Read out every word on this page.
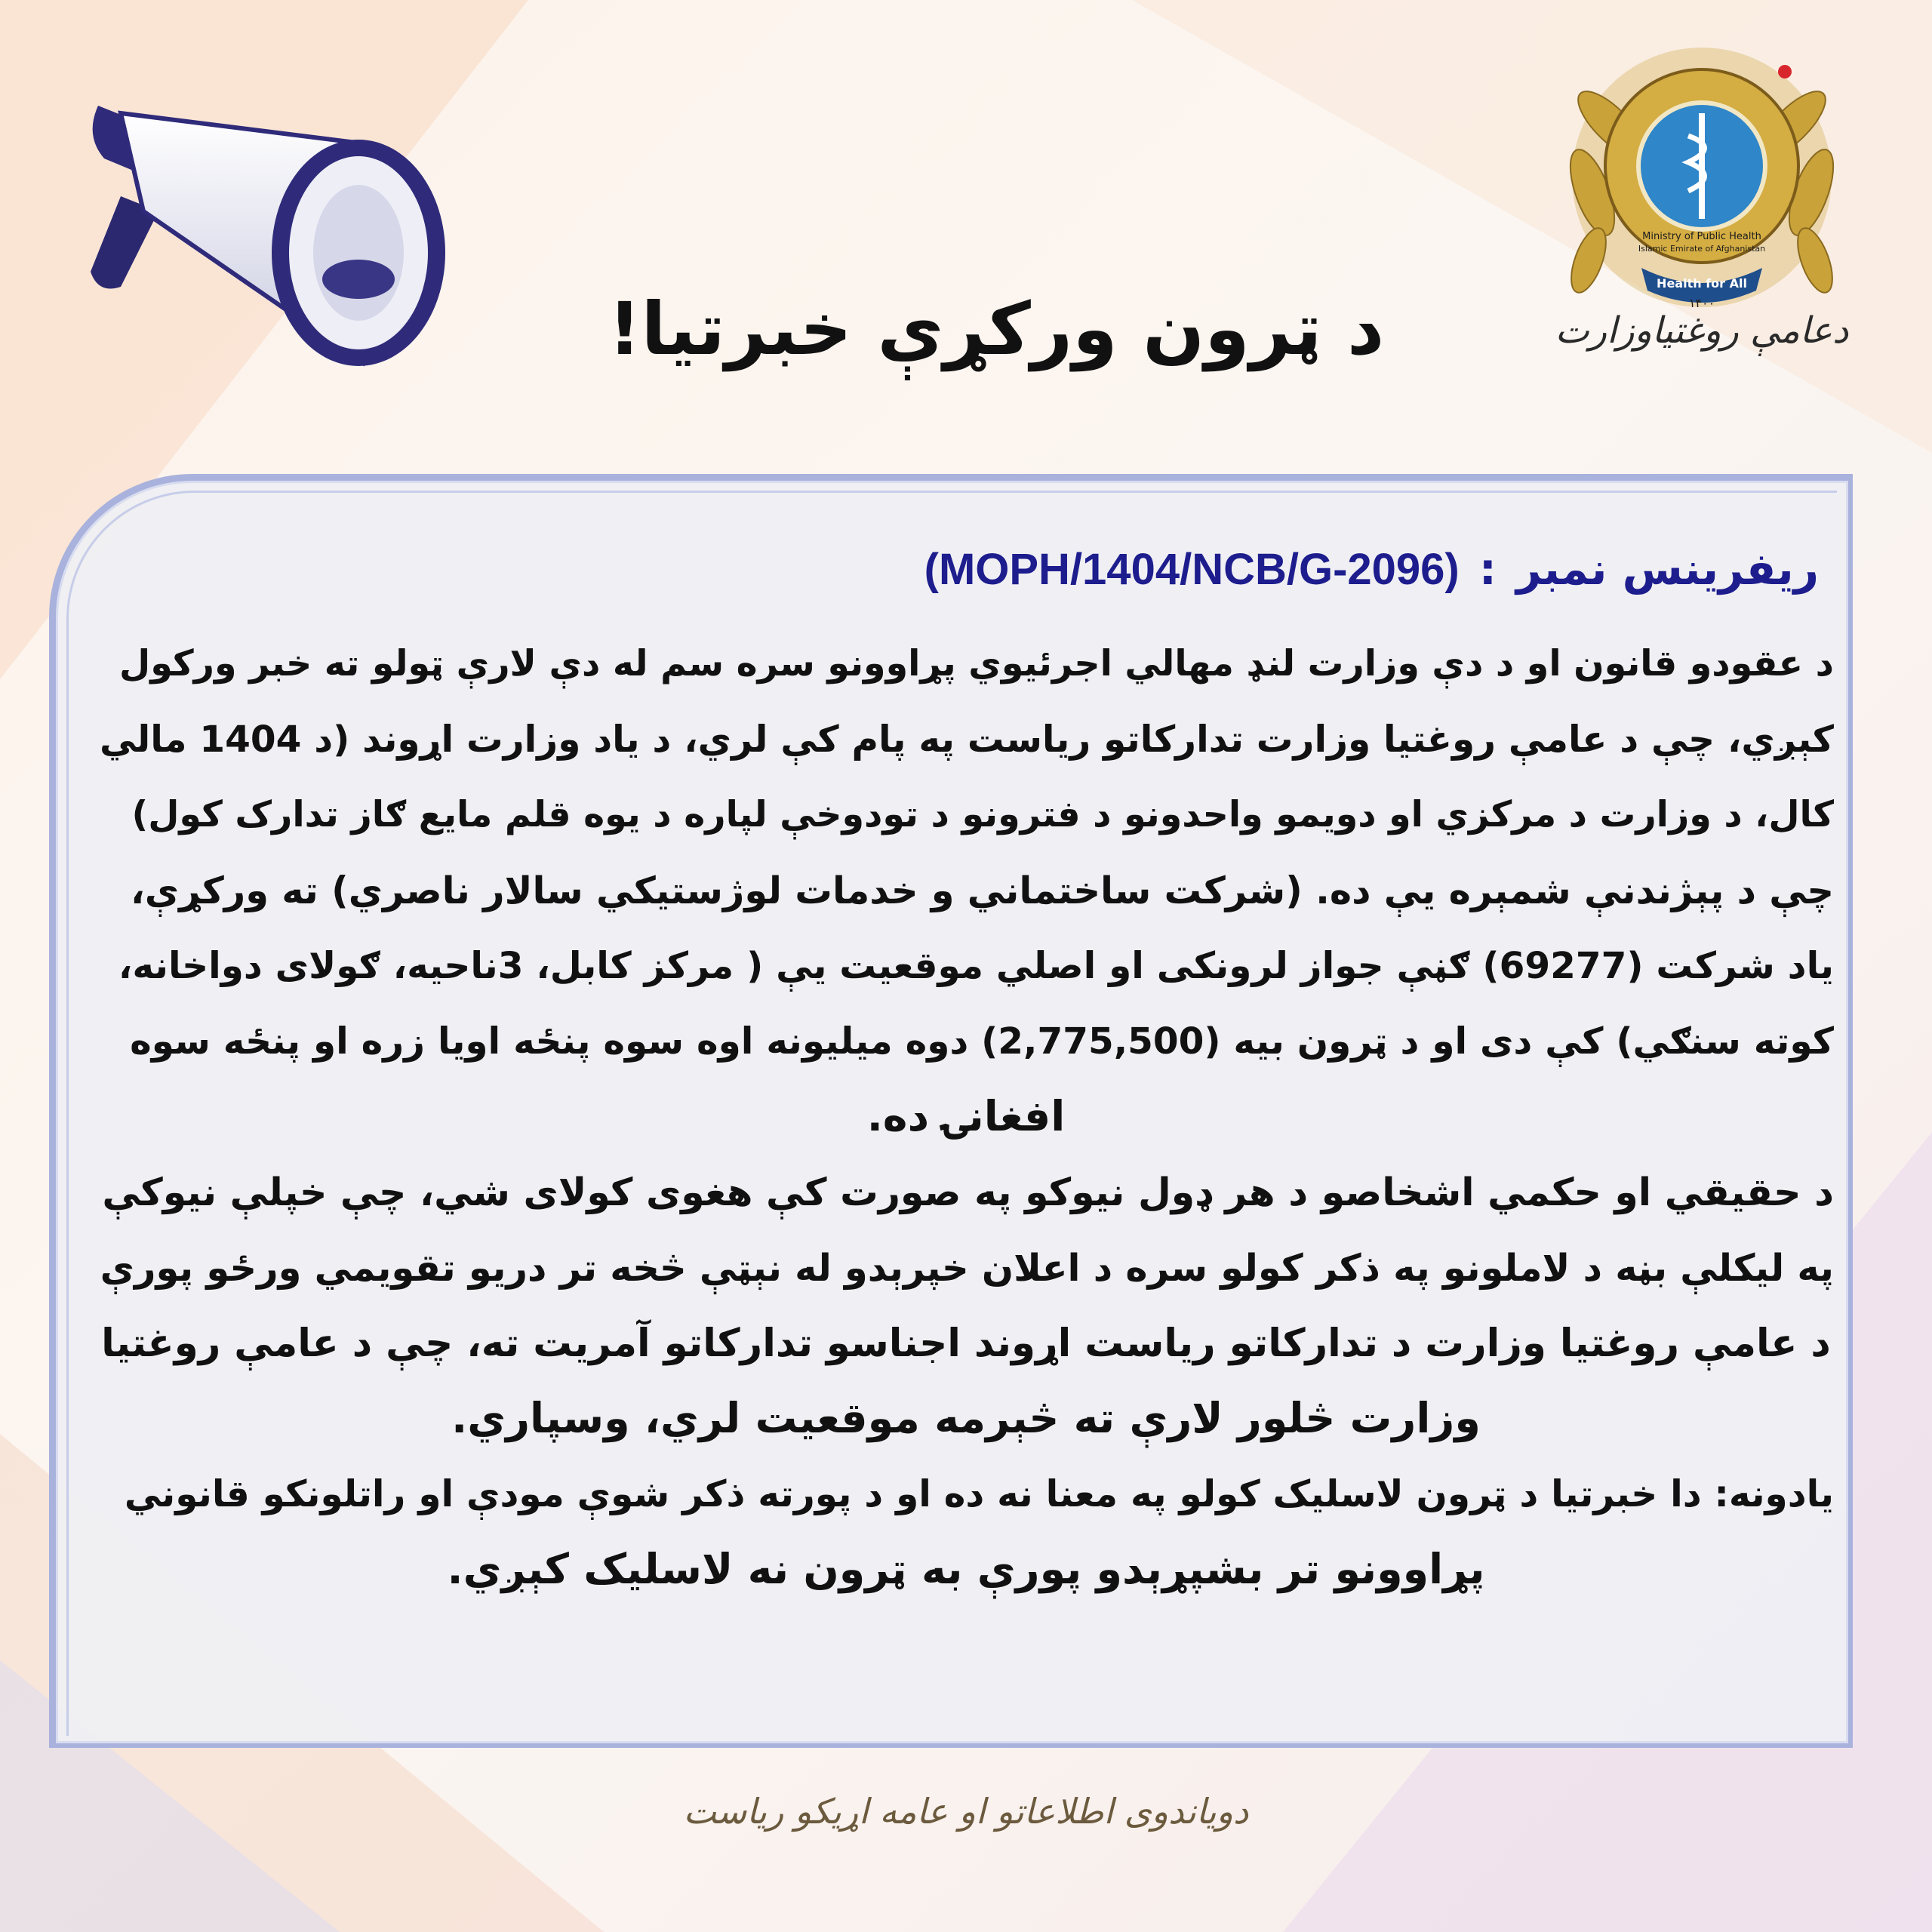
Ministry of Public Health
Islamic Emirate of Afghanistan
Health for All
۱۴۰۰
دعامې روغتیاوزارت
د ټرون ورکړې خبرتیا!
ریفرینس نمبر:(MOPH/1404/NCB/G-2096)

د عقودو قانون او د دې وزارت لنډ مهالي اجرئیوي پړاوونو سره سم له دې لارې ټولو ته خبر ورکول

کېږي، چې د عامې روغتیا وزارت تدارکاتو ریاست په پام کې لري، د یاد وزارت اړوند (د 1404 مالي

کال، د وزارت د مرکزي او دویمو واحدونو د فترونو د تودوخې لپاره د یوه قلم مایع ګاز تدارک کول)

چې د پېژندنې شمېره یې ده. (شرکت ساختماني و خدمات لوژستیکي سالار ناصري) ته ورکړې،

یاد شرکت (69277) ګڼې جواز لرونکی او اصلي موقعیت یې ( مرکز کابل، 3ناحیه، ګولای دواخانه،

کوته سنګي) کې دی او د ټرون بیه (2,775,500) دوه میلیونه اوه سوه پنځه اویا زره او پنځه سوه

افغانۍ ده.

د حقیقي او حکمي اشخاصو د هر ډول نیوکو په صورت کې هغوی کولای شي، چې خپلې نیوکې

په لیکلې بڼه د لاملونو په ذکر کولو سره د اعلان خپرېدو له نېټې څخه تر دریو تقویمي ورځو پورې

د عامې روغتیا وزارت د تدارکاتو ریاست اړوند اجناسو تدارکاتو آمریت ته، چې د عامې روغتیا

وزارت څلور لارې ته څېرمه موقعیت لري، وسپاري.

یادونه: دا خبرتیا د ټرون لاسلیک کولو په معنا نه ده او د پورته ذکر شوې مودې او راتلونکو قانوني

پړاوونو تر بشپړېدو پورې به ټرون نه لاسلیک کېږي.

دویاندوی اطلاعاتو او عامه اړیکو ریاست
